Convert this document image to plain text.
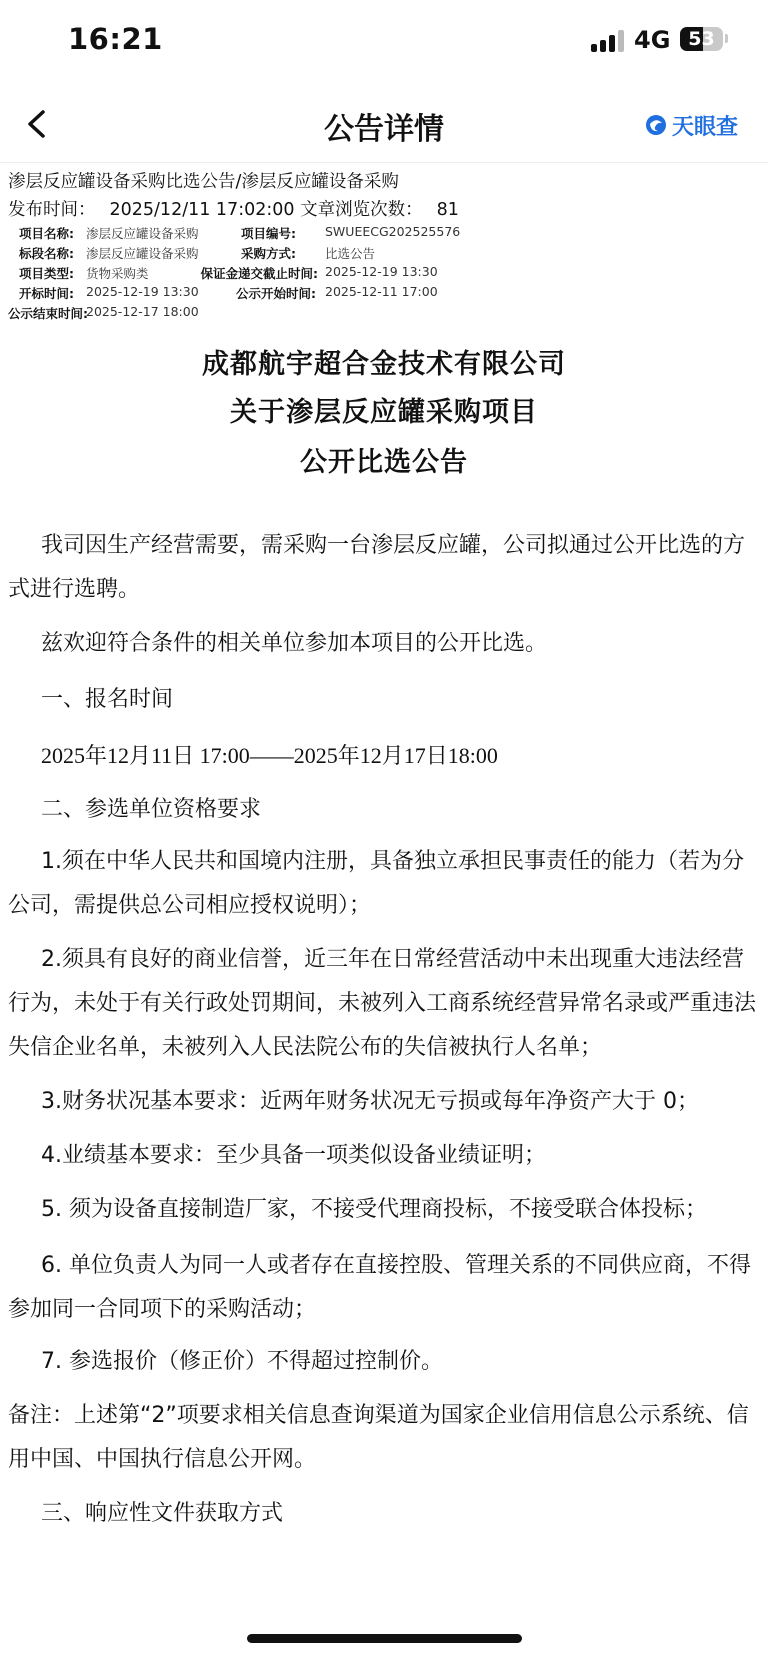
16:21	4G 53
公告详情	天眼查
渗层反应罐设备采购比选公告/渗层反应罐设备采购
发布时间： 2025/12/11 17:02:00 文章浏览次数： 81
项目名称: 渗层反应罐设备采购	项目编号: SWUEECG202525576
标段名称: 渗层反应罐设备采购	采购方式: 比选公告
项目类型: 货物采购类	保证金递交截止时间: 2025-12-19 13:30
开标时间: 2025-12-19 13:30	公示开始时间: 2025-12-11 17:00
公示结束时间:
2025-12-17 18:00
成都航宇超合金技术有限公司
关于渗层反应罐采购项目
公开比选公告
我司因生产经营需要，需采购一台渗层反应罐，公司拟通过公开比选的方式进行选聘。
兹欢迎符合条件的相关单位参加本项目的公开比选。
一、报名时间
2025年12月11日 17:00——2025年12月17日18:00
二、参选单位资格要求
1.须在中华人民共和国境内注册，具备独立承担民事责任的能力（若为分公司，需提供总公司相应授权说明）；
2.须具有良好的商业信誉，近三年在日常经营活动中未出现重大违法经营行为，未处于有关行政处罚期间，未被列入工商系统经营异常名录或严重违法失信企业名单，未被列入人民法院公布的失信被执行人名单；
3.财务状况基本要求：近两年财务状况无亏损或每年净资产大于 0；
4.业绩基本要求：至少具备一项类似设备业绩证明；
5. 须为设备直接制造厂家，不接受代理商投标，不接受联合体投标；
6. 单位负责人为同一人或者存在直接控股、管理关系的不同供应商，不得参加同一合同项下的采购活动；
7. 参选报价（修正价）不得超过控制价。
备注：上述第“2”项要求相关信息查询渠道为国家企业信用信息公示系统、信用中国、中国执行信息公开网。
三、响应性文件获取方式
